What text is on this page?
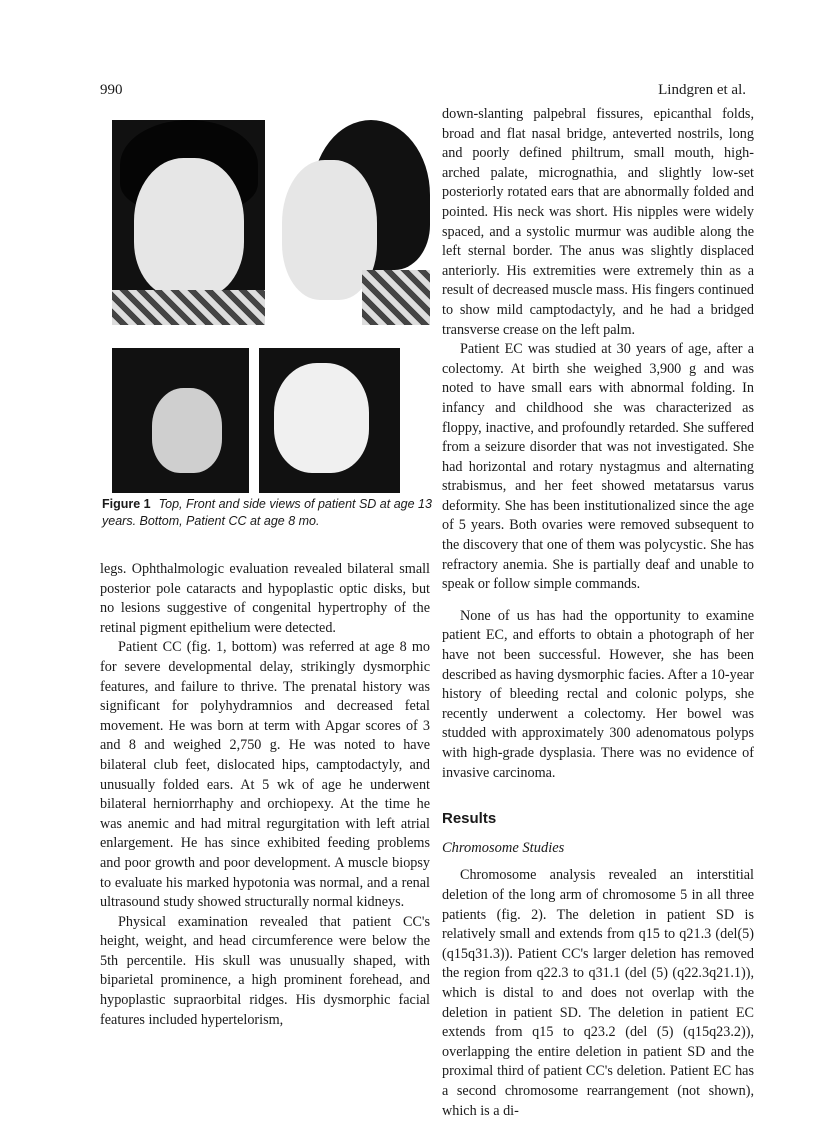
990	Lindgren et al.
Figure 1 Top, Front and side views of patient SD at age 13 years. Bottom, Patient CC at age 8 mo.

legs. Ophthalmologic evaluation revealed bilateral small posterior pole cataracts and hypoplastic optic disks, but no lesions suggestive of congenital hypertrophy of the retinal pigment epithelium were detected.

Patient CC (fig. 1, bottom) was referred at age 8 mo for severe developmental delay, strikingly dysmorphic features, and failure to thrive. The prenatal history was significant for polyhydramnios and decreased fetal movement. He was born at term with Apgar scores of 3 and 8 and weighed 2,750 g. He was noted to have bilateral club feet, dislocated hips, camptodactyly, and unusually folded ears. At 5 wk of age he underwent bilateral herniorrhaphy and orchiopexy. At the time he was anemic and had mitral regurgitation with left atrial enlargement. He has since exhibited feeding problems and poor growth and poor development. A muscle biopsy to evaluate his marked hypotonia was normal, and a renal ultrasound study showed structurally normal kidneys.

Physical examination revealed that patient CC's height, weight, and head circumference were below the 5th percentile. His skull was unusually shaped, with biparietal prominence, a high prominent forehead, and hypoplastic supraorbital ridges. His dysmorphic facial features included hypertelorism,

down-slanting palpebral fissures, epicanthal folds, broad and flat nasal bridge, anteverted nostrils, long and poorly defined philtrum, small mouth, high-arched palate, micrognathia, and slightly low-set posteriorly rotated ears that are abnormally folded and pointed. His neck was short. His nipples were widely spaced, and a systolic murmur was audible along the left sternal border. The anus was slightly displaced anteriorly. His extremities were extremely thin as a result of decreased muscle mass. His fingers continued to show mild camptodactyly, and he had a bridged transverse crease on the left palm.

Patient EC was studied at 30 years of age, after a colectomy. At birth she weighed 3,900 g and was noted to have small ears with abnormal folding. In infancy and childhood she was characterized as floppy, inactive, and profoundly retarded. She suffered from a seizure disorder that was not investigated. She had horizontal and rotary nystagmus and alternating strabismus, and her feet showed metatarsus varus deformity. She has been institutionalized since the age of 5 years. Both ovaries were removed subsequent to the discovery that one of them was polycystic. She has refractory anemia. She is partially deaf and unable to speak or follow simple commands.

None of us has had the opportunity to examine patient EC, and efforts to obtain a photograph of her have not been successful. However, she has been described as having dysmorphic facies. After a 10-year history of bleeding rectal and colonic polyps, she recently underwent a colectomy. Her bowel was studded with approximately 300 adenomatous polyps with high-grade dysplasia. There was no evidence of invasive carcinoma.

Results

Chromosome Studies

Chromosome analysis revealed an interstitial deletion of the long arm of chromosome 5 in all three patients (fig. 2). The deletion in patient SD is relatively small and extends from q15 to q21.3 (del(5) (q15q31.3)). Patient CC's larger deletion has removed the region from q22.3 to q31.1 (del (5) (q22.3q21.1)), which is distal to and does not overlap with the deletion in patient SD. The deletion in patient EC extends from q15 to q23.2 (del (5) (q15q23.2)), overlapping the entire deletion in patient SD and the proximal third of patient CC's deletion. Patient EC has a second chromosome rearrangement (not shown), which is a di-
